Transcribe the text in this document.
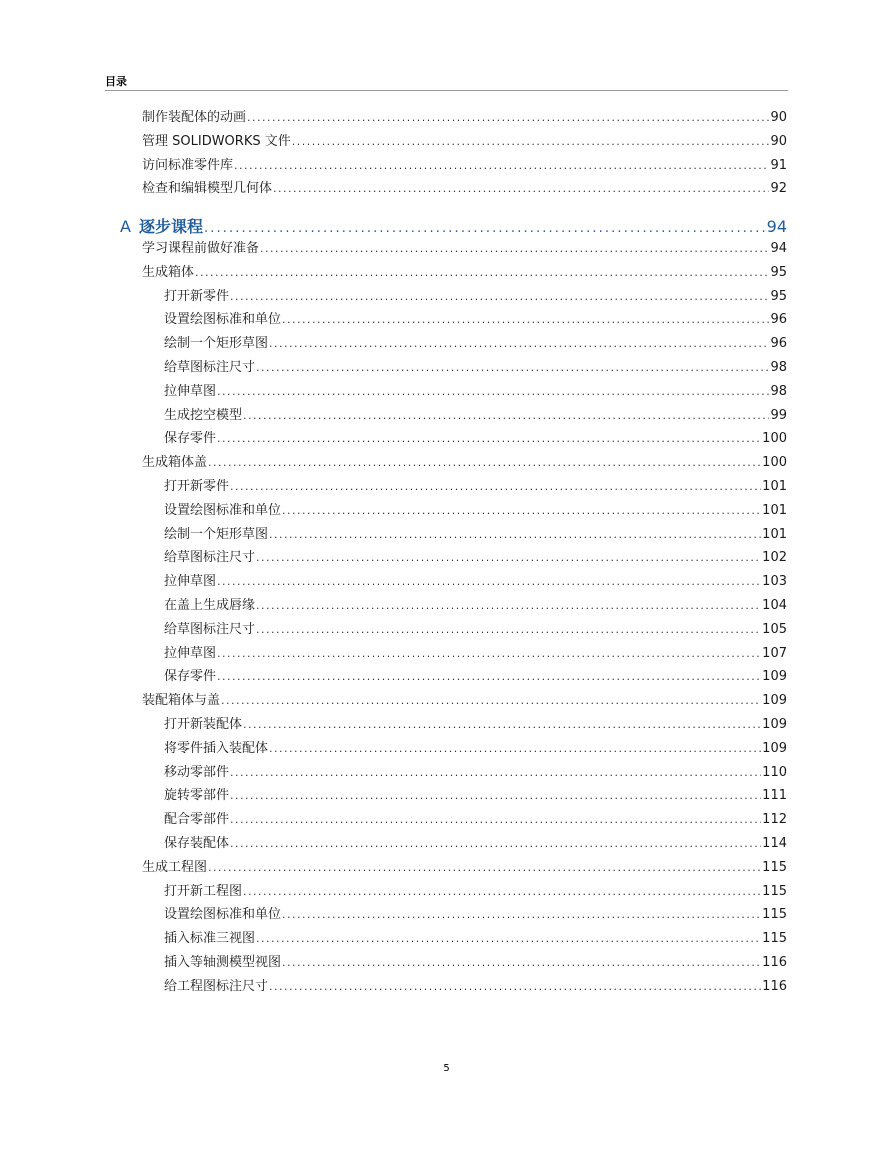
目录
制作装配体的动画 . . .	90
管理 SOLIDWORKS 文件 . . .	90
访问标准零件库 . . .	91
检查和编辑模型几何体 . . .	92
A 逐步课程 . . .	94
学习课程前做好准备 . . .	94
生成箱体 . . .	95
打开新零件 . . .	95
设置绘图标准和单位 . . .	96
绘制一个矩形草图 . . .	96
给草图标注尺寸 . . .	98
拉伸草图 . . .	98
生成挖空模型 . . .	99
保存零件 . . .	100
生成箱体盖 . . .	100
打开新零件 . . .	101
设置绘图标准和单位 . . .	101
绘制一个矩形草图 . . .	101
给草图标注尺寸 . . .	102
拉伸草图 . . .	103
在盖上生成唇缘 . . .	104
给草图标注尺寸 . . .	105
拉伸草图 . . .	107
保存零件 . . .	109
装配箱体与盖 . . .	109
打开新装配体 . . .	109
将零件插入装配体 . . .	109
移动零部件 . . .	110
旋转零部件 . . .	111
配合零部件 . . .	112
保存装配体 . . .	114
生成工程图 . . .	115
打开新工程图 . . .	115
设置绘图标准和单位 . . .	115
插入标准三视图 . . .	115
插入等轴测模型视图 . . .	116
给工程图标注尺寸 . . .	116
5
